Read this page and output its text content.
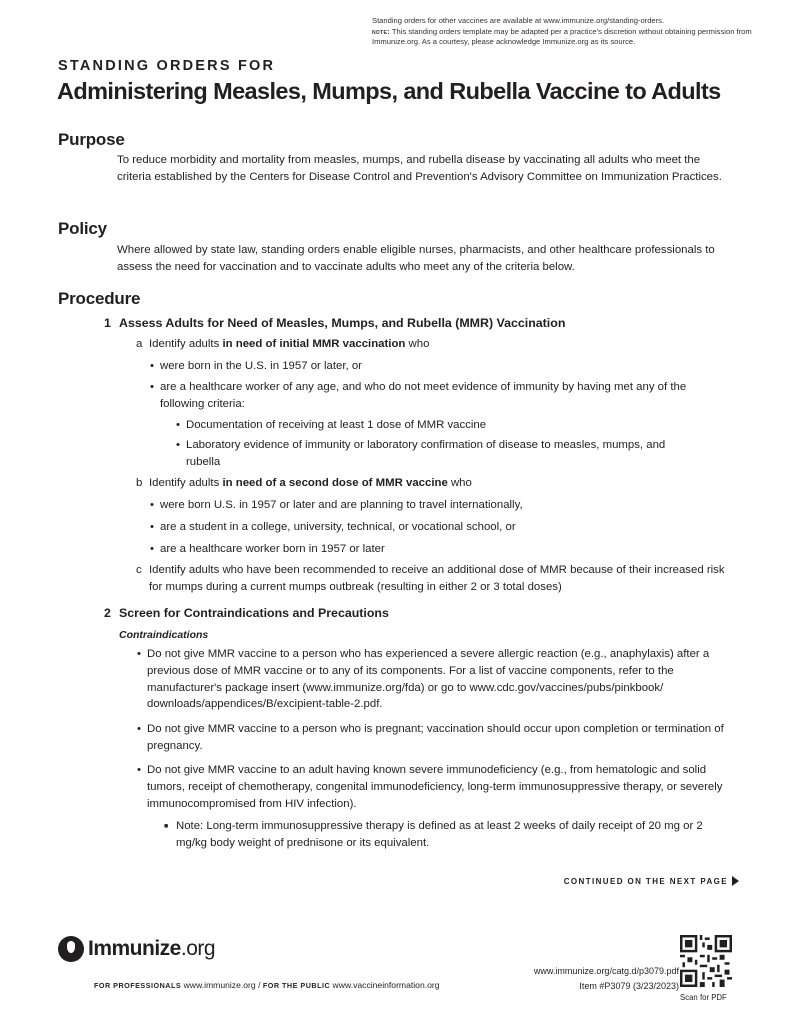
Standing orders for other vaccines are available at www.immunize.org/standing-orders.
note: This standing orders template may be adapted per a practice's discretion without obtaining permission from Immunize.org. As a courtesy, please acknowledge Immunize.org as its source.
STANDING ORDERS FOR
Administering Measles, Mumps, and Rubella Vaccine to Adults
Purpose
To reduce morbidity and mortality from measles, mumps, and rubella disease by vaccinating all adults who meet the criteria established by the Centers for Disease Control and Prevention's Advisory Committee on Immunization Practices.
Policy
Where allowed by state law, standing orders enable eligible nurses, pharmacists, and other healthcare professionals to assess the need for vaccination and to vaccinate adults who meet any of the criteria below.
Procedure
1 Assess Adults for Need of Measles, Mumps, and Rubella (MMR) Vaccination
a Identify adults in need of initial MMR vaccination who
• were born in the U.S. in 1957 or later, or
• are a healthcare worker of any age, and who do not meet evidence of immunity by having met any of the following criteria:
• Documentation of receiving at least 1 dose of MMR vaccine
• Laboratory evidence of immunity or laboratory confirmation of disease to measles, mumps, and rubella
b Identify adults in need of a second dose of MMR vaccine who
• were born U.S. in 1957 or later and are planning to travel internationally,
• are a student in a college, university, technical, or vocational school, or
• are a healthcare worker born in 1957 or later
c Identify adults who have been recommended to receive an additional dose of MMR because of their increased risk for mumps during a current mumps outbreak (resulting in either 2 or 3 total doses)
2 Screen for Contraindications and Precautions
Contraindications
• Do not give MMR vaccine to a person who has experienced a severe allergic reaction (e.g., anaphylaxis) after a previous dose of MMR vaccine or to any of its components. For a list of vaccine components, refer to the manufacturer's package insert (www.immunize.org/fda) or go to www.cdc.gov/vaccines/pubs/pinkbook/ downloads/appendices/B/excipient-table-2.pdf.
• Do not give MMR vaccine to a person who is pregnant; vaccination should occur upon completion or termination of pregnancy.
• Do not give MMR vaccine to an adult having known severe immunodeficiency (e.g., from hematologic and solid tumors, receipt of chemotherapy, congenital immunodeficiency, long-term immunosuppressive therapy, or severely immunocompromised from HIV infection).
■ Note: Long-term immunosuppressive therapy is defined as at least 2 weeks of daily receipt of 20 mg or 2 mg/kg body weight of prednisone or its equivalent.
CONTINUED ON THE NEXT PAGE
Immunize.org
FOR PROFESSIONALS www.immunize.org / FOR THE PUBLIC www.vaccineinformation.org
www.immunize.org/catg.d/p3079.pdf
Item #P3079 (3/23/2023)
Scan for PDF
